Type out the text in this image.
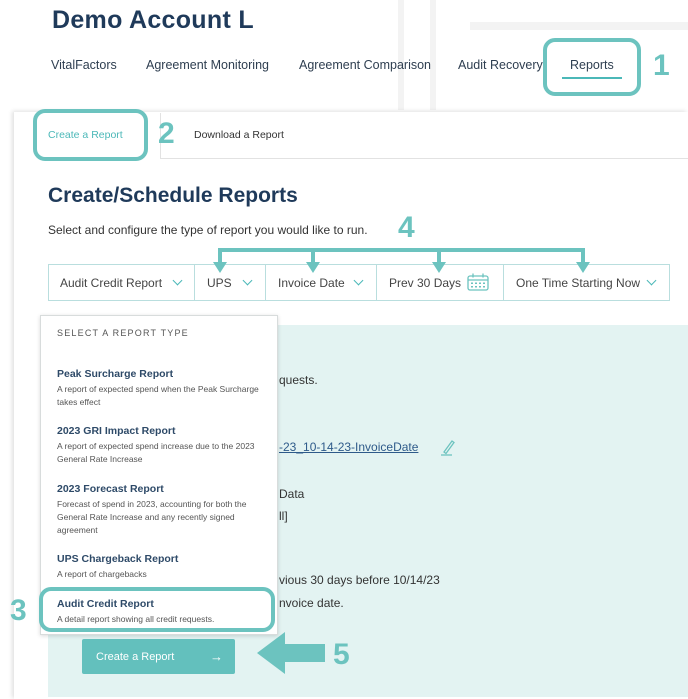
Demo Account L
VitalFactors Agreement Monitoring Agreement Comparison Audit Recovery Reports
Create a Report	Download a Report
Create/Schedule Reports
Select and configure the type of report you would like to run.
Audit Credit Report	UPS	Invoice Date	Prev 30 Days	One Time Starting Now
quests.
-23_10-14-23-InvoiceDate
Data
ll]
vious 30 days before 10/14/23
nvoice date.
SELECT A REPORT TYPE
Peak Surcharge Report
A report of expected spend when the Peak Surcharge takes effect
2023 GRI Impact Report
A report of expected spend increase due to the 2023 General Rate Increase
2023 Forecast Report
Forecast of spend in 2023, accounting for both the General Rate Increase and any recently signed agreement
UPS Chargeback Report
A report of chargebacks
Audit Credit Report
A detail report showing all credit requests.
Create a Report	→
1
2
3
4
5
